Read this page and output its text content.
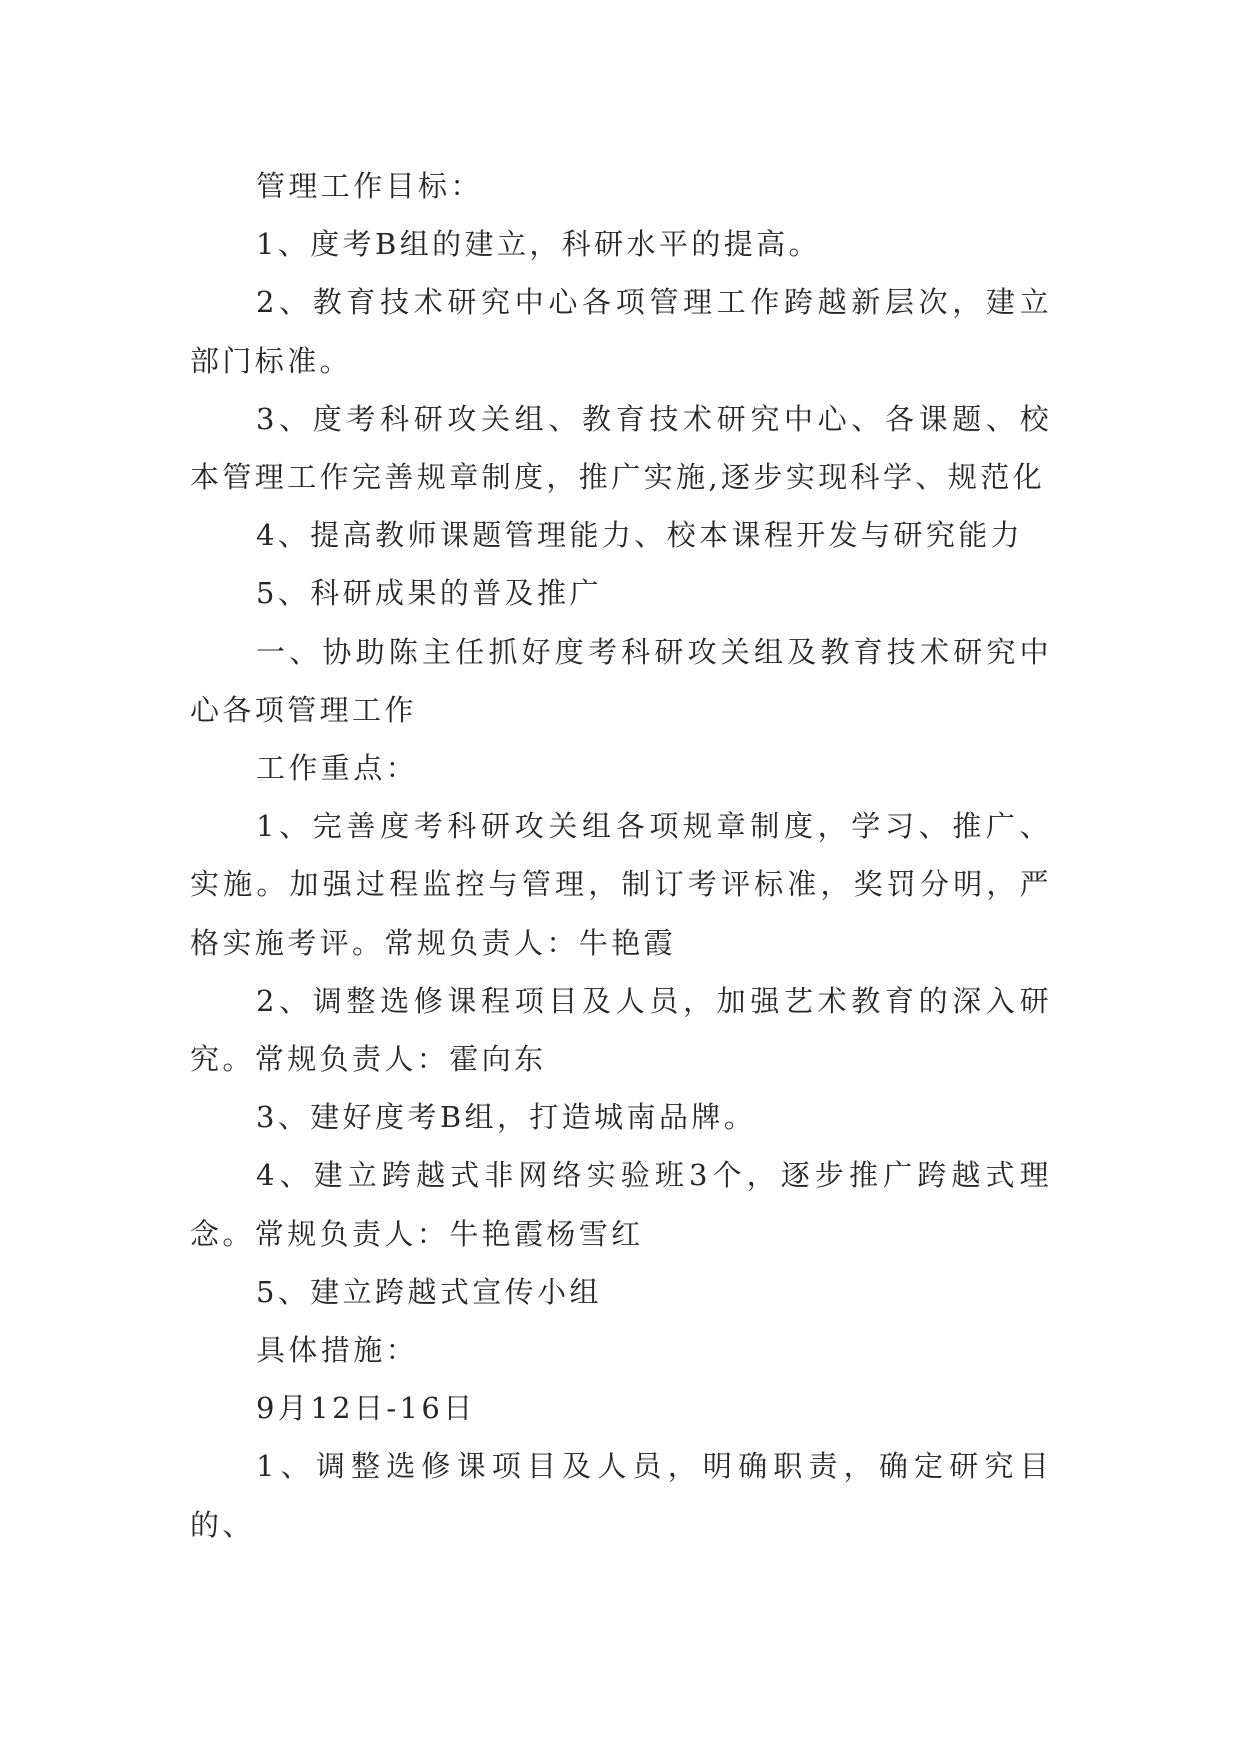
管理工作目标：

1、度考B组的建立，科研水平的提高。

2、教育技术研究中心各项管理工作跨越新层次，建立部门标准。

3、度考科研攻关组、教育技术研究中心、各课题、校本管理工作完善规章制度，推广实施,逐步实现科学、规范化

4、提高教师课题管理能力、校本课程开发与研究能力

5、科研成果的普及推广

一、协助陈主任抓好度考科研攻关组及教育技术研究中心各项管理工作

工作重点：

1、完善度考科研攻关组各项规章制度，学习、推广、实施。加强过程监控与管理，制订考评标准，奖罚分明，严格实施考评。常规负责人：牛艳霞

2、调整选修课程项目及人员，加强艺术教育的深入研究。常规负责人：霍向东

3、建好度考B组，打造城南品牌。

4、建立跨越式非网络实验班3个，逐步推广跨越式理念。常规负责人：牛艳霞杨雪红

5、建立跨越式宣传小组

具体措施：

9月12日-16日

1、调整选修课项目及人员，明确职责，确定研究目的、
